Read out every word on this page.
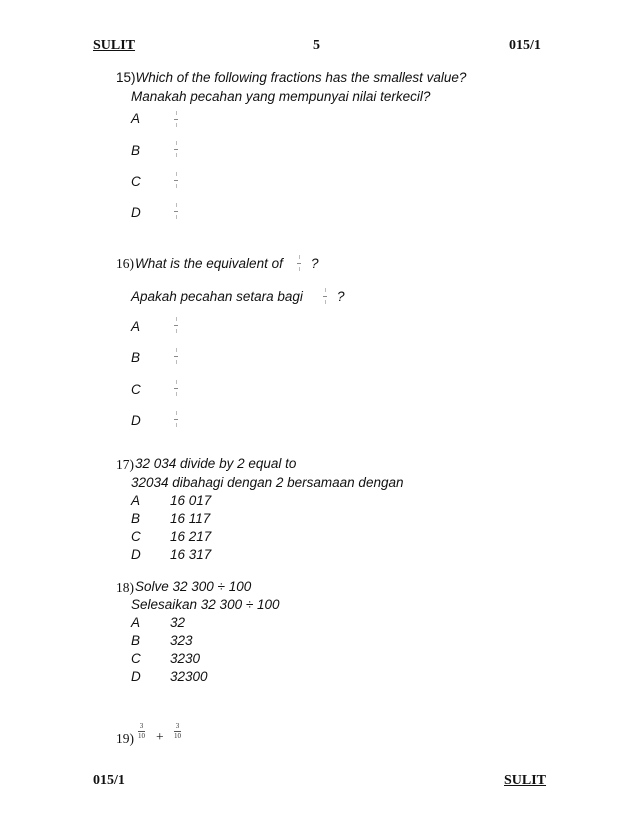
SULIT	5	015/1
15)Which of the following fractions has the smallest value?
Manakah pecahan yang mempunyai nilai terkecil?
A
B
C
D
16) What is the equivalent of ?
Apakah pecahan setara bagi	?
A
B
C
D
17) 32 034 divide by 2 equal to
32034 dibahagi dengan 2 bersamaan dengan
A 16 017
B 16 117
C 16 217
D 16 317
18) Solve 32 300 ÷ 100
Selesaikan 32 300 ÷ 100
A 32
B 323
C 3230
D 32300
19)
3
10 +
3
10
015/1	SULIT
